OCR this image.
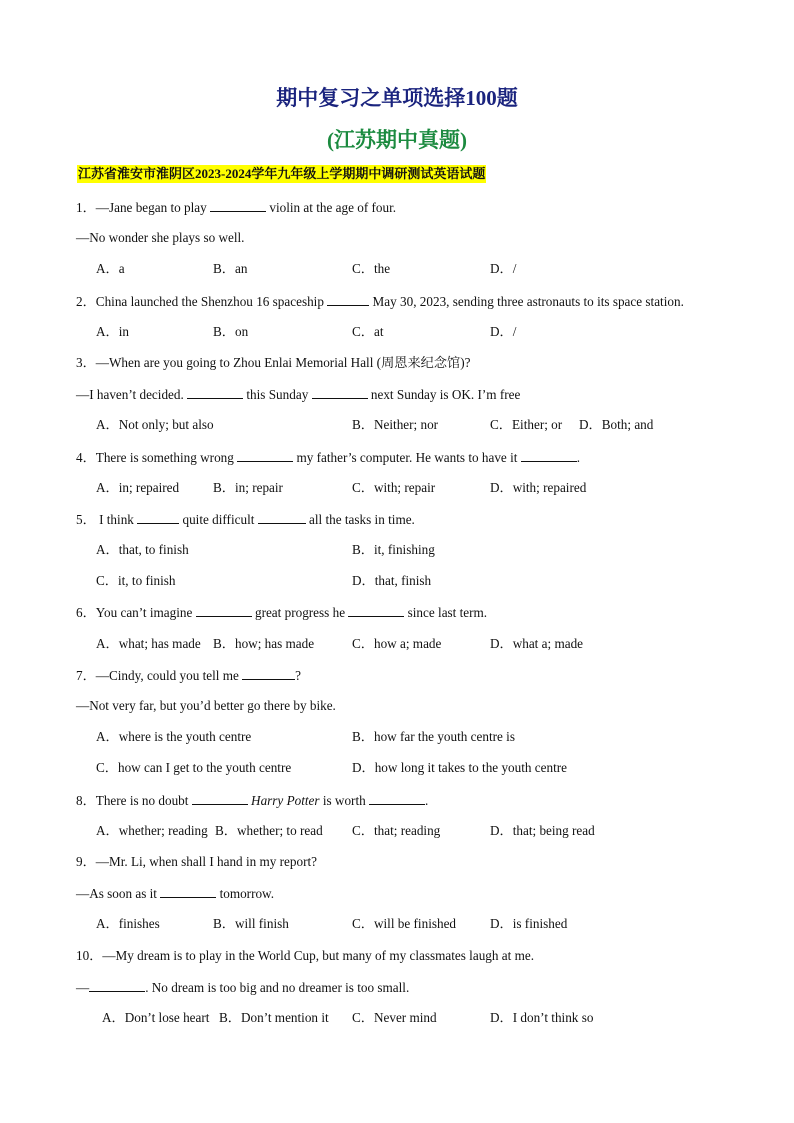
期中复习之单项选择100题
(江苏期中真题)
江苏省淮安市淮阴区2023-2024学年九年级上学期期中调研测试英语试题
1．—Jane began to play	violin at the age of four.
—No wonder she plays so well.
A．a	B．an	C．the	D．/
2．China launched the Shenzhou 16 spaceship	May 30, 2023, sending three astronauts to its space station.
A．in	B．on	C．at	D．/
3．—When are you going to Zhou Enlai Memorial Hall (周恩来纪念馆)?
—I haven’t decided.	this Sunday	next Sunday is OK. I’m free
A．Not only; but also	B．Neither; nor	C．Either; or D．Both; and
4．There is something wrong	my father’s computer. He wants to have it	.
A．in; repaired	B．in; repair	C．with; repair	D．with; repaired
5． I think	quite difficult	all the tasks in time.
A．that, to finish	B．it, finishing
C．it, to finish	D．that, finish
6．You can’t imagine	great progress he	since last term.
A．what; has made B．how; has made	C．how a; made	D．what a; made
7．—Cindy, could you tell me	?
—Not very far, but you’d better go there by bike.
A．where is the youth centre	B．how far the youth centre is
C．how can I get to the youth centre	D．how long it takes to the youth centre
8．There is no doubt	Harry Potter is worth	.
A．whether; reading B．whether; to read C．that; reading	D．that; being read
9．—Mr. Li, when shall I hand in my report?
—As soon as it	tomorrow.
A．finishes	B．will finish	C．will be finished	D．is finished
10．—My dream is to play in the World Cup, but many of my classmates laugh at me.
—	. No dream is too big and no dreamer is too small.
A．Don’t lose heart B．Don’t mention it C．Never mind	D．I don’t think so
